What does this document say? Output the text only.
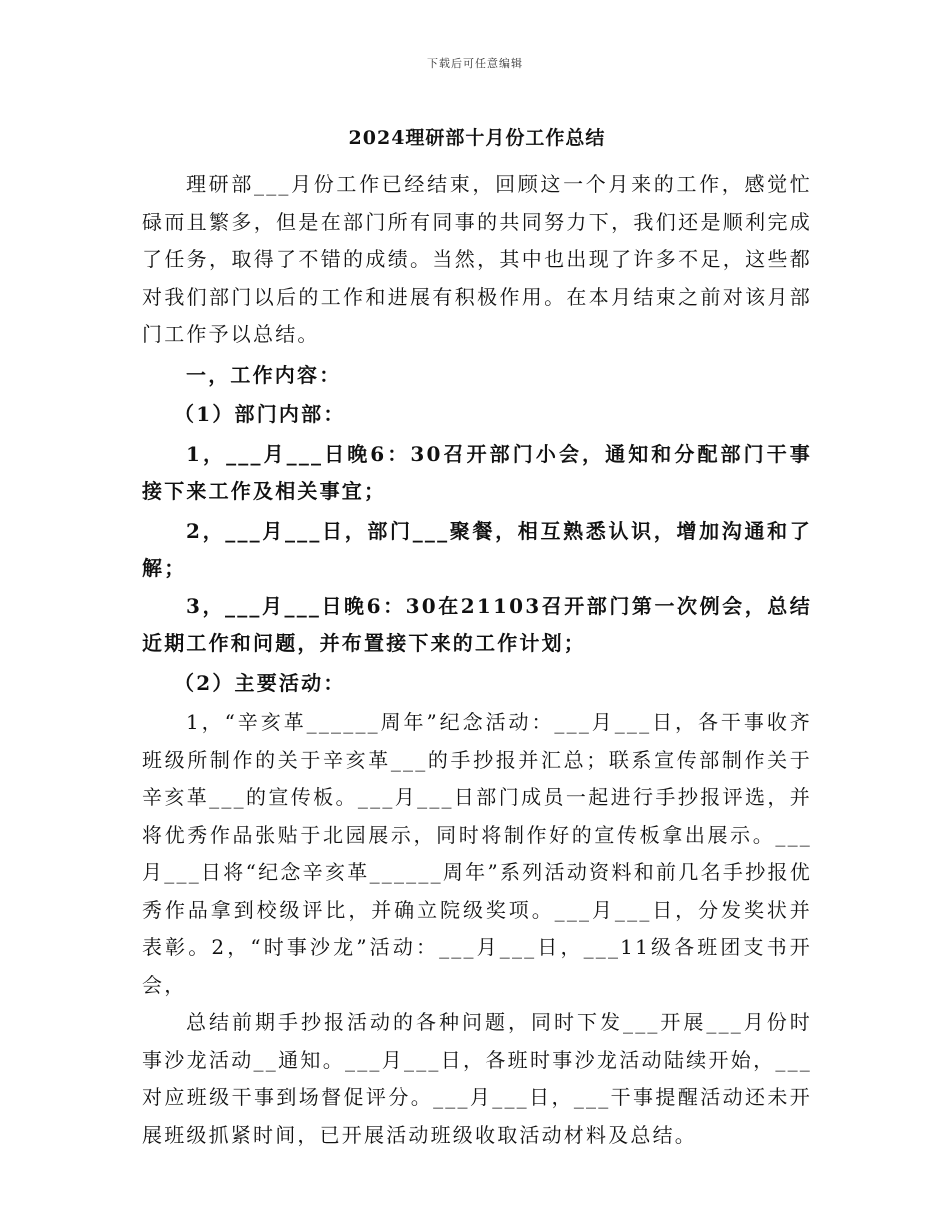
下载后可任意编辑
2024理研部十月份工作总结

理研部___月份工作已经结束，回顾这一个月来的工作，感觉忙碌而且繁多，但是在部门所有同事的共同努力下，我们还是顺利完成了任务，取得了不错的成绩。当然，其中也出现了许多不足，这些都对我们部门以后的工作和进展有积极作用。在本月结束之前对该月部门工作予以总结。

一，工作内容：

（1）部门内部：

1，___月___日晚6：30召开部门小会，通知和分配部门干事接下来工作及相关事宜；

2，___月___日，部门___聚餐，相互熟悉认识，增加沟通和了解；

3，___月___日晚6：30在21103召开部门第一次例会，总结近期工作和问题，并布置接下来的工作计划；

（2）主要活动：

1，“辛亥革______周年”纪念活动：___月___日，各干事收齐班级所制作的关于辛亥革___的手抄报并汇总；联系宣传部制作关于辛亥革___的宣传板。___月___日部门成员一起进行手抄报评选，并将优秀作品张贴于北园展示，同时将制作好的宣传板拿出展示。___月___日将“纪念辛亥革______周年”系列活动资料和前几名手抄报优秀作品拿到校级评比，并确立院级奖项。___月___日，分发奖状并表彰。2，“时事沙龙”活动：___月___日，___11级各班团支书开会，

总结前期手抄报活动的各种问题，同时下发___开展___月份时事沙龙活动__通知。___月___日，各班时事沙龙活动陆续开始，___对应班级干事到场督促评分。___月___日，___干事提醒活动还未开展班级抓紧时间，已开展活动班级收取活动材料及总结。
